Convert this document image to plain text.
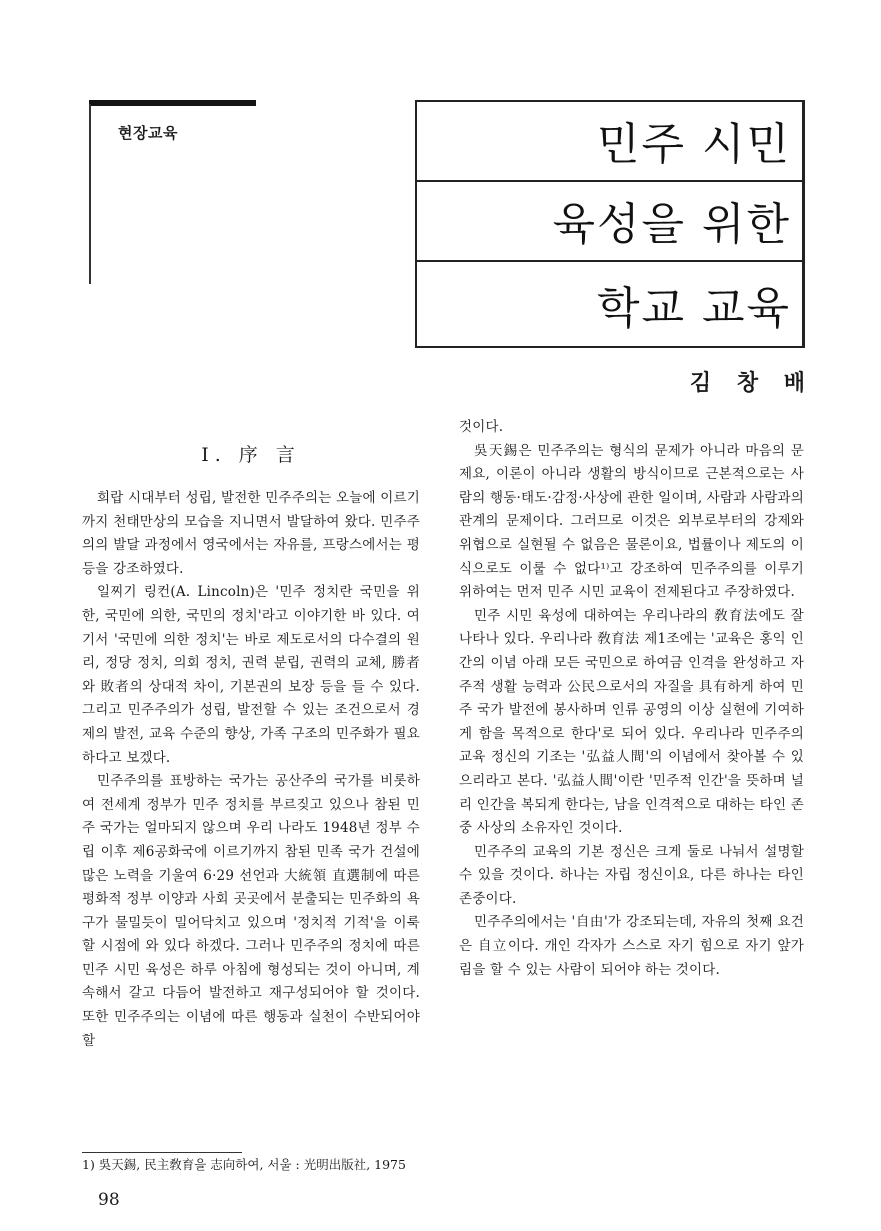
현장교육	민주 시민
육성을 위한
학교 교육
김 창 배
Ⅰ. 序 言

희랍 시대부터 성립, 발전한 민주주의는 오늘에 이르기까지 천태만상의 모습을 지니면서 발달하여 왔다. 민주주의의 발달 과정에서 영국에서는 자유를, 프랑스에서는 평등을 강조하였다.

일찌기 링컨(A. Lincoln)은 '민주 정치란 국민을 위한, 국민에 의한, 국민의 정치'라고 이야기한 바 있다. 여기서 '국민에 의한 정치'는 바로 제도로서의 다수결의 원리, 정당 정치, 의회 정치, 권력 분립, 권력의 교체, 勝者와 敗者의 상대적 차이, 기본권의 보장 등을 들 수 있다. 그리고 민주주의가 성립, 발전할 수 있는 조건으로서 경제의 발전, 교육 수준의 향상, 가족 구조의 민주화가 필요하다고 보겠다.

민주주의를 표방하는 국가는 공산주의 국가를 비롯하여 전세계 정부가 민주 정치를 부르짖고 있으나 참된 민주 국가는 얼마되지 않으며 우리 나라도 1948년 정부 수립 이후 제6공화국에 이르기까지 참된 민족 국가 건설에 많은 노력을 기울여 6·29 선언과 大統領 直選制에 따른 평화적 정부 이양과 사회 곳곳에서 분출되는 민주화의 욕구가 물밀듯이 밀어닥치고 있으며 '정치적 기적'을 이룩할 시점에 와 있다 하겠다. 그러나 민주주의 정치에 따른 민주 시민 육성은 하루 아침에 형성되는 것이 아니며, 계속해서 갈고 다듬어 발전하고 재구성되어야 할 것이다. 또한 민주주의는 이념에 따른 행동과 실천이 수반되어야 할

것이다.

吳天錫은 민주주의는 형식의 문제가 아니라 마음의 문제요, 이론이 아니라 생활의 방식이므로 근본적으로는 사람의 행동·태도·감정·사상에 관한 일이며, 사람과 사람과의 관계의 문제이다. 그러므로 이것은 외부로부터의 강제와 위협으로 실현될 수 없음은 물론이요, 법률이나 제도의 이식으로도 이룰 수 없다¹⁾고 강조하여 민주주의를 이루기 위하여는 먼저 민주 시민 교육이 전제된다고 주장하였다.

민주 시민 육성에 대하여는 우리나라의 敎育法에도 잘 나타나 있다. 우리나라 敎育法 제1조에는 '교육은 홍익 인간의 이념 아래 모든 국민으로 하여금 인격을 완성하고 자주적 생활 능력과 公民으로서의 자질을 具有하게 하여 민주 국가 발전에 봉사하며 인류 공영의 이상 실현에 기여하게 함을 목적으로 한다'로 되어 있다. 우리나라 민주주의 교육 정신의 기조는 '弘益人間'의 이념에서 찾아볼 수 있으리라고 본다. '弘益人間'이란 '민주적 인간'을 뜻하며 널리 인간을 복되게 한다는, 남을 인격적으로 대하는 타인 존중 사상의 소유자인 것이다.

민주주의 교육의 기본 정신은 크게 둘로 나눠서 설명할 수 있을 것이다. 하나는 자립 정신이요, 다른 하나는 타인 존중이다.

민주주의에서는 '自由'가 강조되는데, 자유의 첫째 요건은 自立이다. 개인 각자가 스스로 자기 힘으로 자기 앞가림을 할 수 있는 사람이 되어야 하는 것이다.

1) 吳天錫, 民主敎育을 志向하여, 서울 : 光明出版社, 1975
98
